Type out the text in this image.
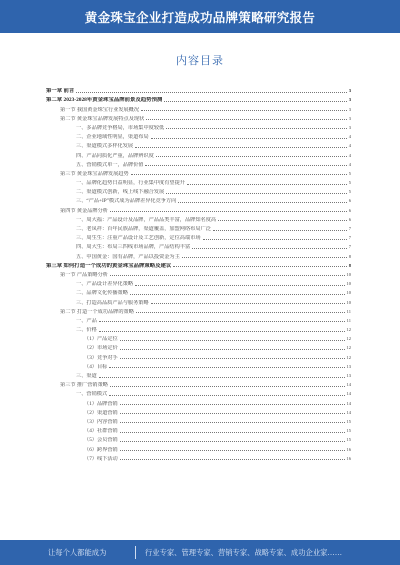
黄金珠宝企业打造成功品牌策略研究报告
内容目录
第一章 前言	3
第二章 2023-2028年黄金珠宝品牌前景及趋势预测	3
第一节 我国黄金珠宝行业发展概况	3
第二节 黄金珠宝品牌发展特点及现状	3
一、多品牌竞争格局，市场集中度较低	3
二、企业地域性明显，渠道布局	4
三、渠道模式多样化发展	4
四、产品同质化严重，品牌辨识度	4
五、营销模式单一，品牌价值	4
第三节 黄金珠宝品牌发展趋势	5
一、品牌化趋势日益明显，行业集中度有望提升	5
二、渠道模式创新，线上线下融合发展	5
三、“产品+IP”模式成为品牌差异化竞争方向	6
第四节 黄金品牌分析	6
一、周大福：产品设计及品牌，产品品类丰富，品牌知名度高	6
二、老凤祥：百年民族品牌，渠道覆盖，加盟网络布局广泛	7
三、周生生：注重产品设计及工艺创新，定位高端市场	7
四、周大生：布局三四线市场品牌，产品结构丰富	7
五、中国黄金：国有品牌，产品以投资金为主	8
第三章 如何打造一个成功的黄金珠宝品牌策略及建议	8
第一节 产品策略分析	10
一、产品设计差异化策略	10
二、品牌文化传播策略	10
三、打造高品质产品与服务策略	10
第二节 打造一个成功品牌的策略	11
一、产品	11
二、价格	12
（1）产品定位	12
（2）市场定价	12
（3）竞争对手	12
（4）目标	13
三、渠道	13
第三节 推广营销策略	14
一、营销模式	14
（1）品牌营销	14
（2）渠道营销	14
（3）内容营销	15
（4）社群营销	15
（5）会员营销	15
（6）跨界营销	16
（7）线下活动	16
让每个人都能成为	行业专家、管理专家、营销专家、战略专家、成功企业家……
